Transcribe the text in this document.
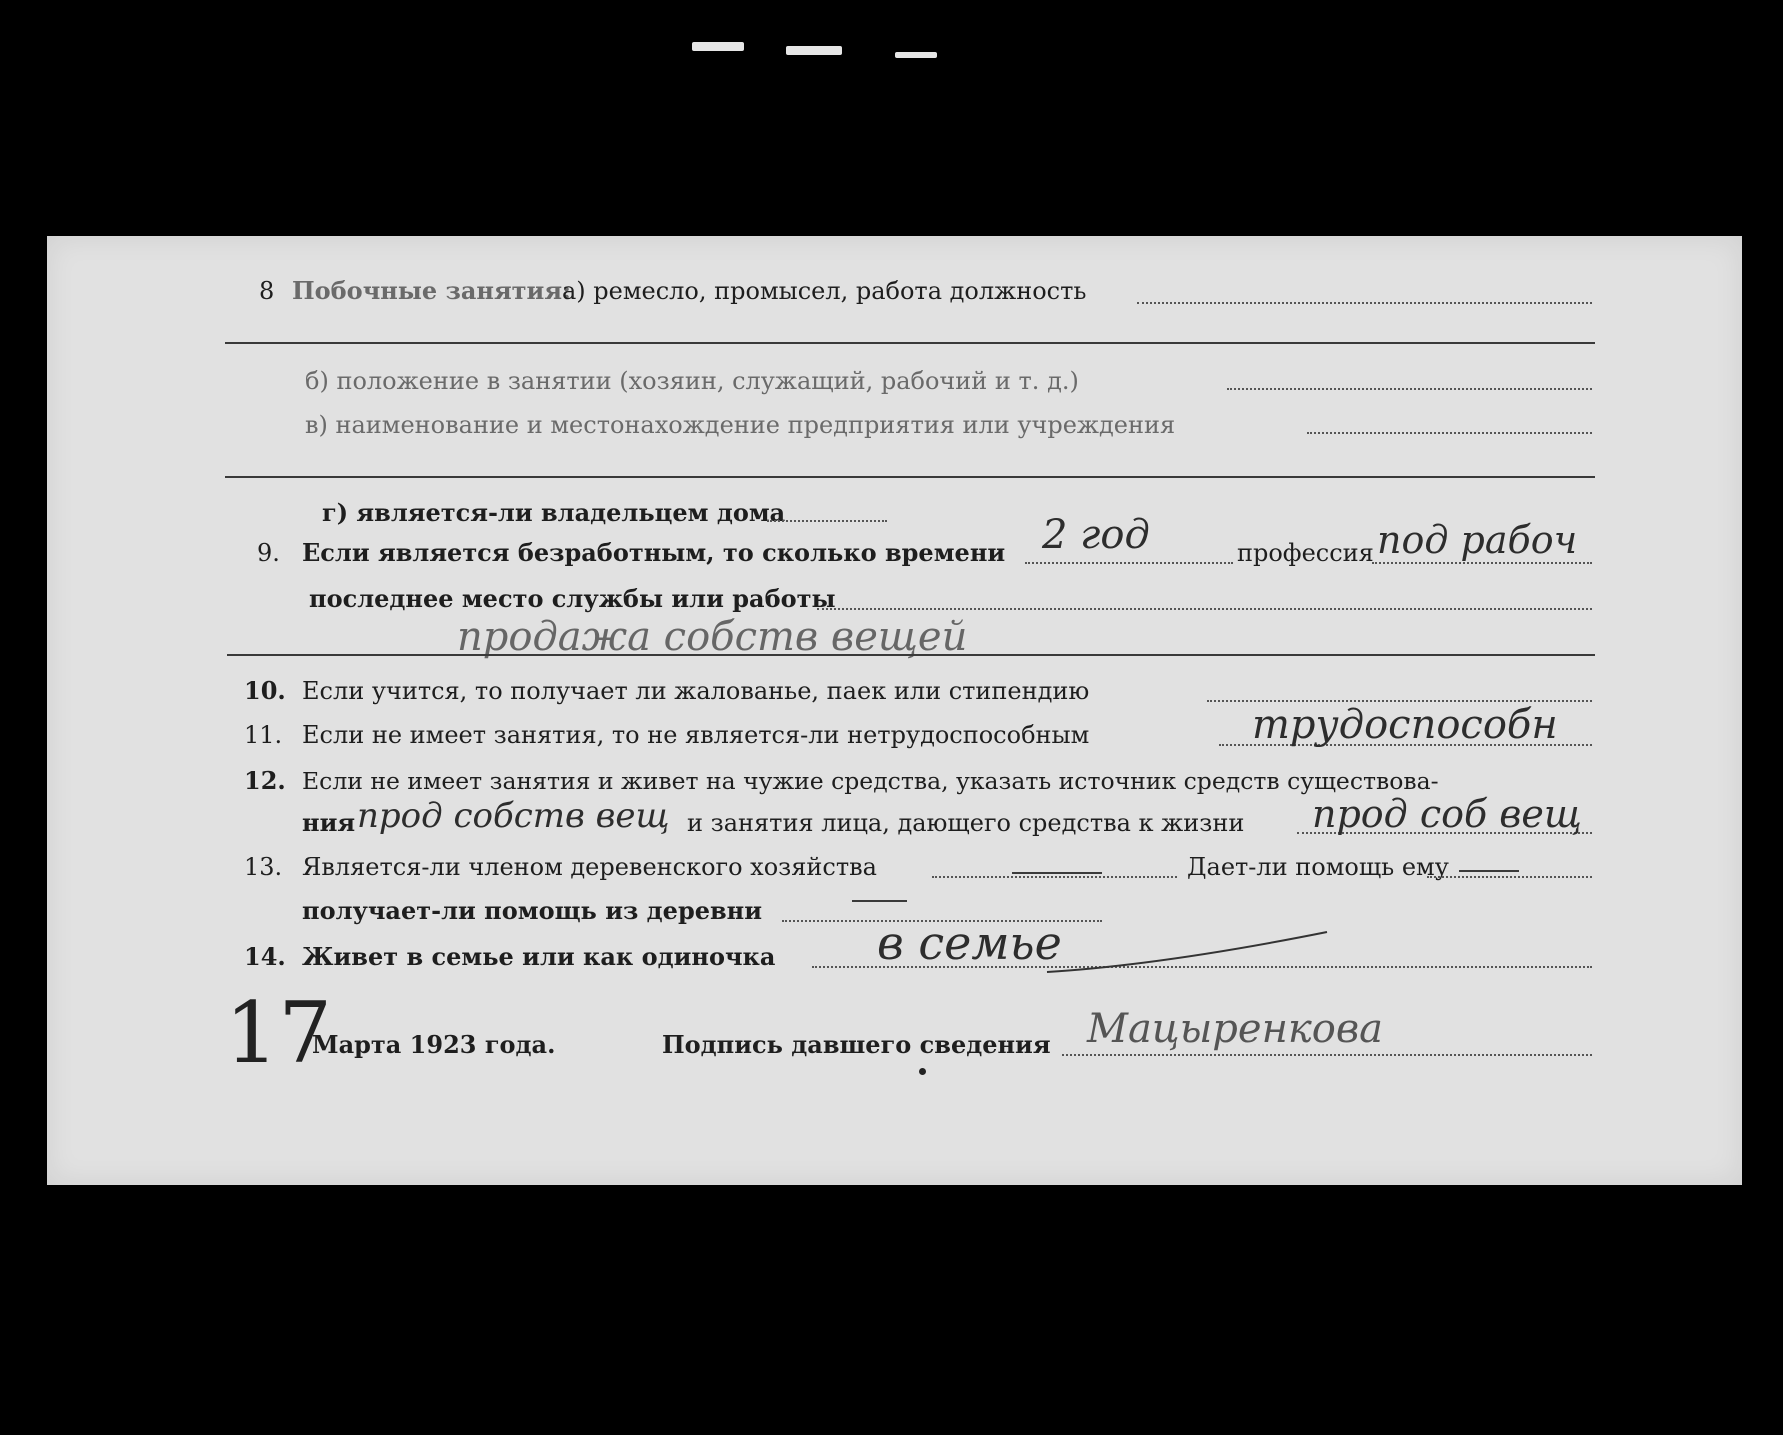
8 Побочные занятия:
а) ремесло, промысел, работа должность
б) положение в занятии (хозяин, служащий, рабочий и т. д.)
в) наименование и местонахождение предприятия или учреждения
г) является-ли владельцем дома
9. Если является безработным, то сколько времени 2 год	профессия под рабоч
последнее место службы или работы
продажа собств вещей
10. Если учится, то получает ли жалованье, паек или стипендию
11. Если не имеет занятия, то не является-ли нетрудоспособным	трудоспособн
12. Если не имеет занятия и живет на чужие средства, указать источник средств существова-
ния прод собств вещ и занятия лица, дающего средства к жизни прод соб вещ
13. Является-ли членом деревенского хозяйства	Дает-ли помощь ему
получает-ли помощь из деревни
14. Живет в семье или как одиночка в семье
17
Марта 1923 года.	Подпись давшего сведения Мацыренкова
